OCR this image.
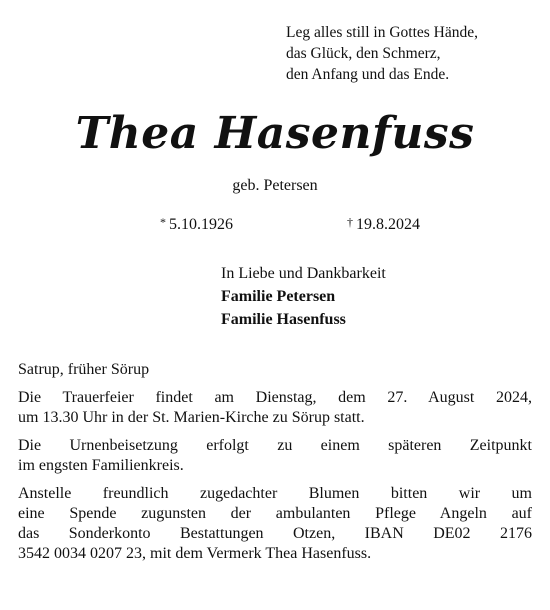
Leg alles still in Gottes Hände,
das Glück, den Schmerz,
den Anfang und das Ende.
Thea Hasenfuss
geb. Petersen
* 5.10.1926	† 19.8.2024
In Liebe und Dankbarkeit
Familie Petersen
Familie Hasenfuss

Satrup, früher Sörup

Die Trauerfeier findet am Dienstag, dem 27. August 2024,
um 13.30 Uhr in der St. Marien-Kirche zu Sörup statt.

Die Urnenbeisetzung erfolgt zu einem späteren Zeitpunkt
im engsten Familienkreis.

Anstelle freundlich zugedachter Blumen bitten wir um
eine Spende zugunsten der ambulanten Pflege Angeln auf
das Sonderkonto Bestattungen Otzen, IBAN DE02 2176
3542 0034 0207 23, mit dem Vermerk Thea Hasenfuss.
